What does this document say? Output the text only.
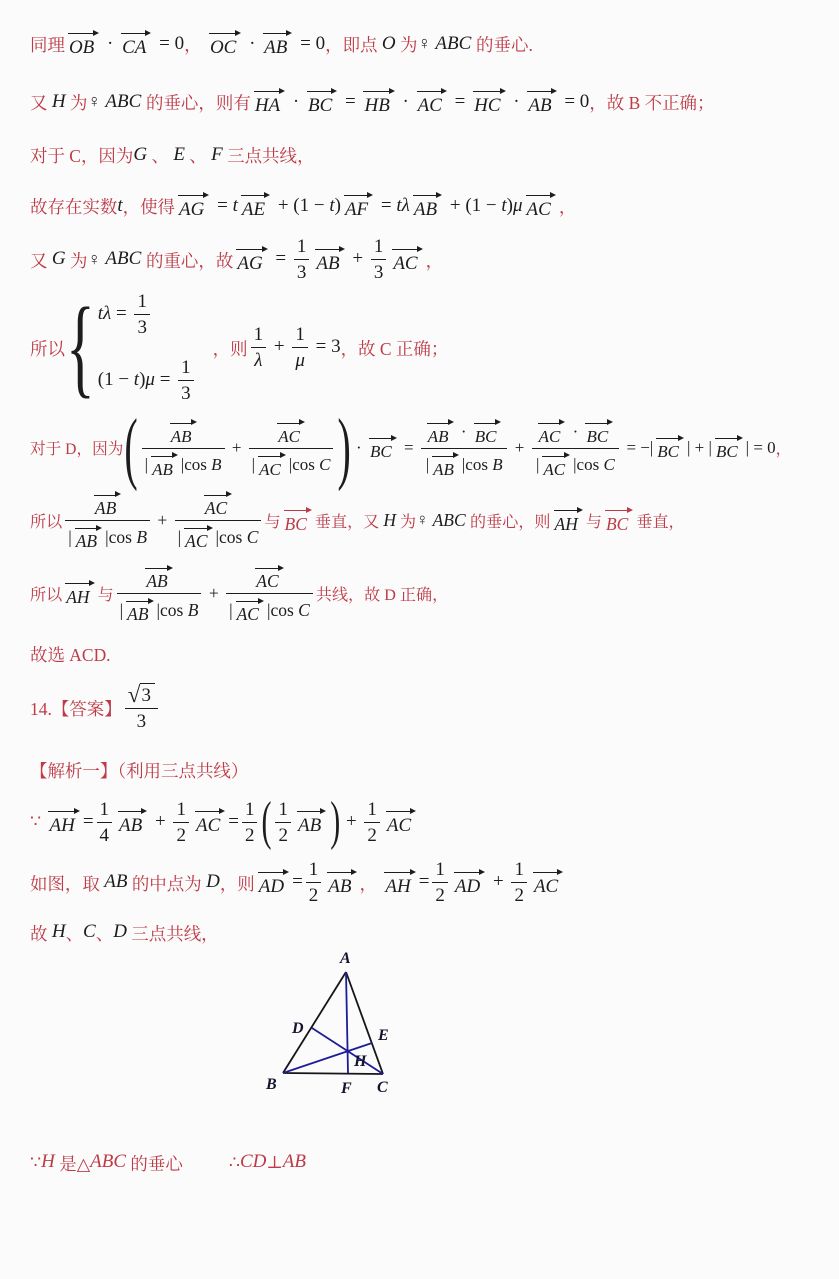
同理 OB · CA = 0 ， OC · AB = 0 ，即点 O 为 ♀ ABC 的垂心.
又 H 为 ♀ ABC 的垂心，则有 HA · BC = HB · AC = HC · AB = 0 ，故 B 不正确；
对于 C，因为 G 、 E 、 F 三点共线，
故存在实数 t ，使得 AG = t AE + (1 − t ) AF = tλ AB + (1 − t ) μ AC ，
又 G 为 ♀ ABC 的重心，故 AG = $\frac{1}{3}$ AB + $\frac{1}{3}$ AC ，
所以 { $t\lambda = \frac{1}{3}$
(1 − t ) $\mu = \frac{1}{3}$
，则 $\frac{1}{\lambda} + \frac{1}{\mu} = 3$ ，故 C 正确；
对于 D，因为 ( $\frac{AB}{\text{| AB |cos B}} + \frac{AC}{\text{| AC |cos C}}$ ) · BC = $\frac{AB \cdot BC}{\text{| AB |cos B}} + \frac{AC \cdot BC}{\text{| AC |cos C}}$ = −| BC | + | BC | = 0 ，
所以 $\frac{AB}{\text{| AB |cos B}} + \frac{AC}{\text{| AC |cos C}}$ 与 BC 垂直，又 H 为 ♀ ABC 的垂心，则 AH 与 BC 垂直，
所以 AH 与 $\frac{AB}{\text{| AB |cos B}} + \frac{AC}{\text{| AC |cos C}}$ 共线，故 D 正确，
故选 ACD.
14.【答案】 $\frac{√ 3}{3}$
【解析一】（利用三点共线）
∵ AH = $\frac{1}{4}$ AB + $\frac{1}{2}$ AC = $\frac{1}{2}$ ( $\frac{1}{2}$ AB ) + $\frac{1}{2}$ AC
如图，取 AB 的中点为 D ，则 AD = $\frac{1}{2}$ AB ， AH = $\frac{1}{2}$ AD + $\frac{1}{2}$ AC
故 H 、 C 、 D 三点共线，
A
B	C
D	E
F
H
∵ H 是△ ABC 的垂心	∴ CD ⊥ AB
